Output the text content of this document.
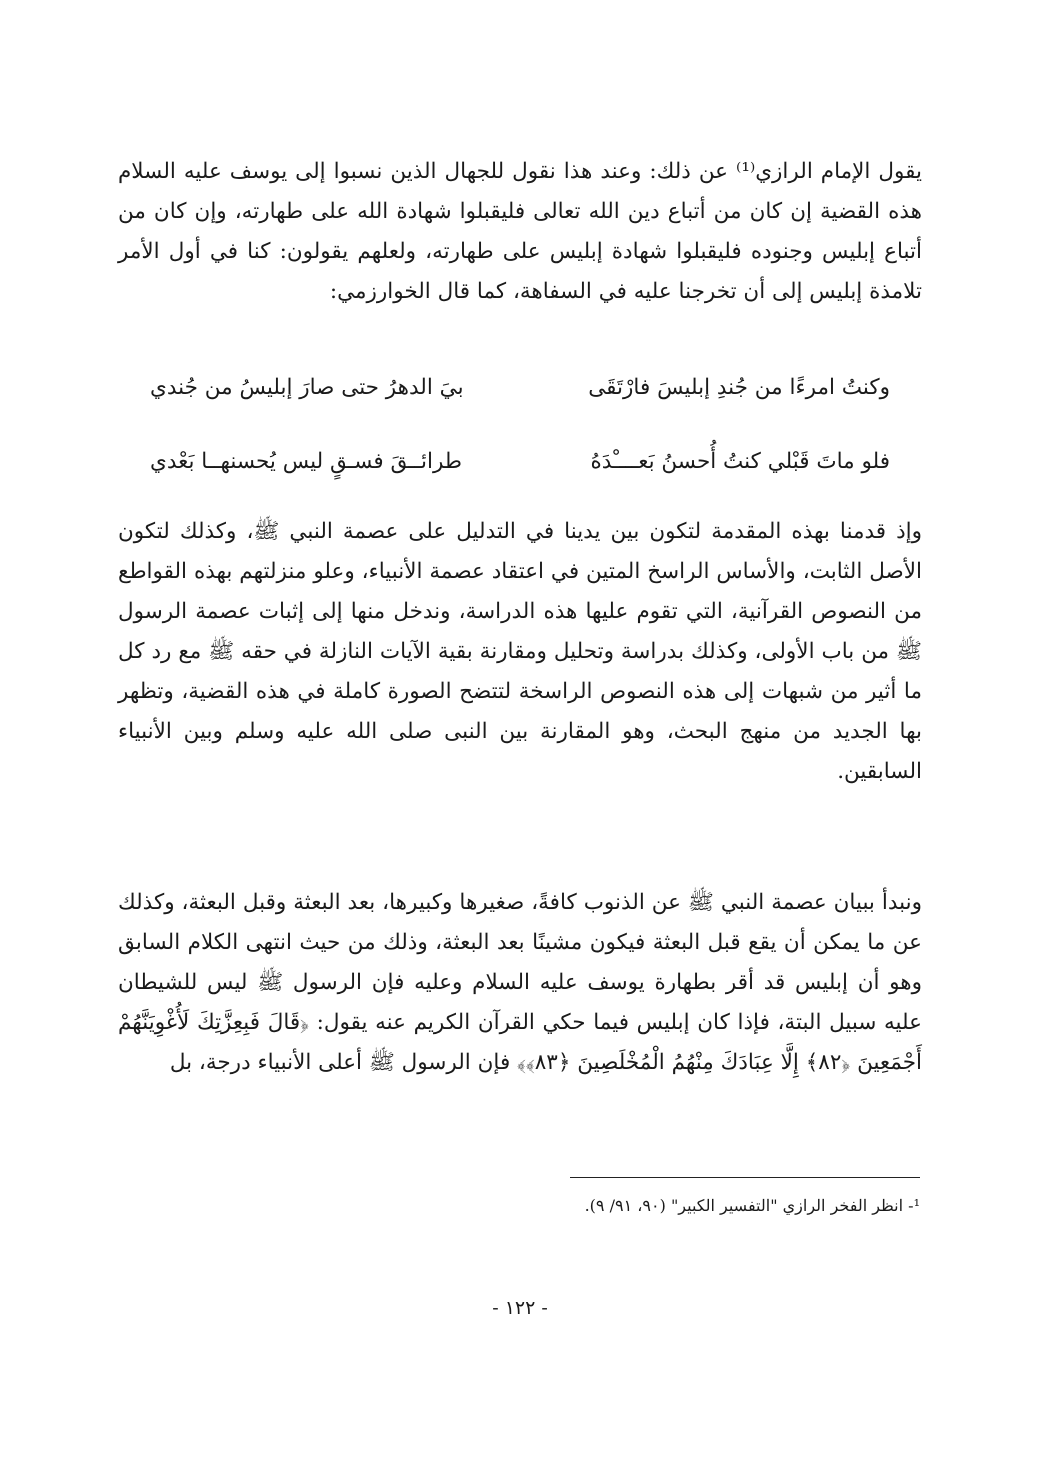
يقول الإمام الرازي⁽¹⁾ عن ذلك: وعند هذا نقول للجهال الذين نسبوا إلى يوسف عليه السلام هذه القضية إن كان من أتباع دين الله تعالى فليقبلوا شهادة الله على طهارته، وإن كان من أتباع إبليس وجنوده فليقبلوا شهادة إبليس على طهارته، ولعلهم يقولون: كنا في أول الأمر تلامذة إبليس إلى أن تخرجنا عليه في السفاهة، كما قال الخوارزمي:

وكنتُ امرءًا من جُندِ إبليسَ فارْتَقَى
بيَ الدهرُ حتى صارَ إبليسُ من جُندي
فلو ماتَ قَبْلي كنتُ أُحسنُ بَعــــْدَهُ
طرائــقَ فسـقٍ ليس يُحسنهــا بَعْدي

وإذ قدمنا بهذه المقدمة لتكون بين يدينا في التدليل على عصمة النبي ﷺ، وكذلك لتكون الأصل الثابت، والأساس الراسخ المتين في اعتقاد عصمة الأنبياء، وعلو منزلتهم بهذه القواطع من النصوص القرآنية، التي تقوم عليها هذه الدراسة، وندخل منها إلى إثبات عصمة الرسول ﷺ من باب الأولى، وكذلك بدراسة وتحليل ومقارنة بقية الآيات النازلة في حقه ﷺ مع رد كل ما أثير من شبهات إلى هذه النصوص الراسخة لتتضح الصورة كاملة في هذه القضية، وتظهر بها الجديد من منهج البحث، وهو المقارنة بين النبى صلى الله عليه وسلم وبين الأنبياء السابقين.

ونبدأ ببيان عصمة النبي ﷺ عن الذنوب كافةً، صغيرها وكبيرها، بعد البعثة وقبل البعثة، وكذلك عن ما يمكن أن يقع قبل البعثة فيكون مشينًا بعد البعثة، وذلك من حيث انتهى الكلام السابق وهو أن إبليس قد أقر بطهارة يوسف عليه السلام وعليه فإن الرسول ﷺ ليس للشيطان عليه سبيل البتة، فإذا كان إبليس فيما حكي القرآن الكريم عنه يقول: ﴿قَالَ فَبِعِزَّتِكَ لَأُغْوِيَنَّهُمْ أَجْمَعِينَ ﴿٨٢﴾ إِلَّا عِبَادَكَ مِنْهُمُ الْمُخْلَصِينَ ﴿٨٣﴾﴾ فإن الرسول ﷺ أعلى الأنبياء درجة، بل

¹- انظر الفخر الرازي "التفسير الكبير" (٩٠، ٩١/ ٩).
- ١٢٢ -
